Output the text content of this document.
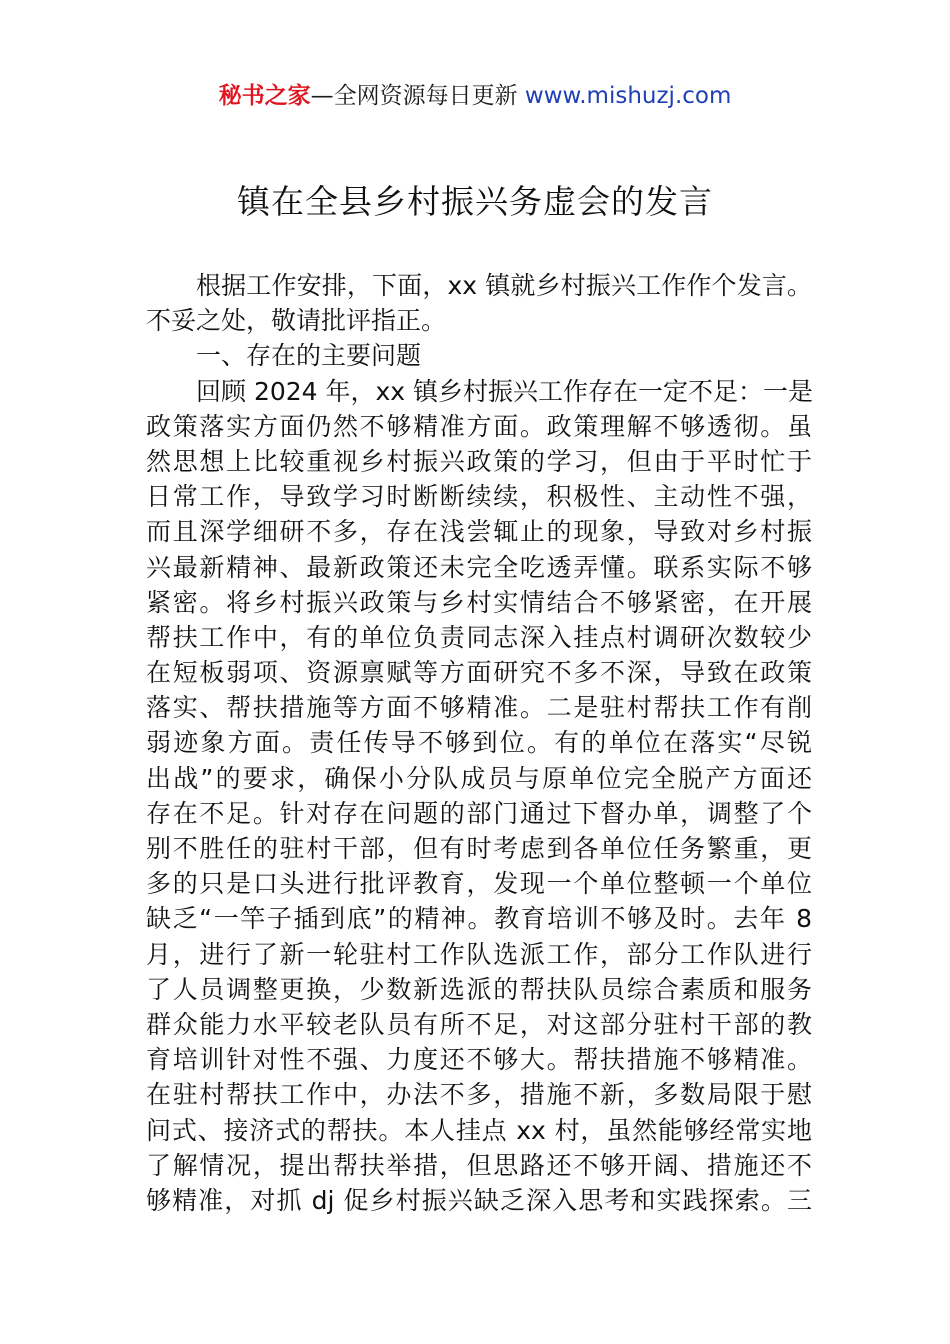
秘书之家—全网资源每日更新 www.mishuzj.com
镇在全县乡村振兴务虚会的发言
根据工作安排，下面，xx 镇就乡村振兴工作作个发言。
不妥之处，敬请批评指正。
一、存在的主要问题
回顾 2024 年，xx 镇乡村振兴工作存在一定不足：一是
政策落实方面仍然不够精准方面。政策理解不够透彻。虽
然思想上比较重视乡村振兴政策的学习，但由于平时忙于
日常工作，导致学习时断断续续，积极性、主动性不强，
而且深学细研不多，存在浅尝辄止的现象，导致对乡村振
兴最新精神、最新政策还未完全吃透弄懂。联系实际不够
紧密。将乡村振兴政策与乡村实情结合不够紧密，在开展
帮扶工作中，有的单位负责同志深入挂点村调研次数较少
在短板弱项、资源禀赋等方面研究不多不深，导致在政策
落实、帮扶措施等方面不够精准。二是驻村帮扶工作有削
弱迹象方面。责任传导不够到位。有的单位在落实“尽锐
出战”的要求，确保小分队成员与原单位完全脱产方面还
存在不足。针对存在问题的部门通过下督办单，调整了个
别不胜任的驻村干部，但有时考虑到各单位任务繁重，更
多的只是口头进行批评教育，发现一个单位整顿一个单位
缺乏“一竿子插到底”的精神。教育培训不够及时。去年 8
月，进行了新一轮驻村工作队选派工作，部分工作队进行
了人员调整更换，少数新选派的帮扶队员综合素质和服务
群众能力水平较老队员有所不足，对这部分驻村干部的教
育培训针对性不强、力度还不够大。帮扶措施不够精准。
在驻村帮扶工作中，办法不多，措施不新，多数局限于慰
问式、接济式的帮扶。本人挂点 xx 村，虽然能够经常实地
了解情况，提出帮扶举措，但思路还不够开阔、措施还不
够精准，对抓 dj 促乡村振兴缺乏深入思考和实践探索。三
